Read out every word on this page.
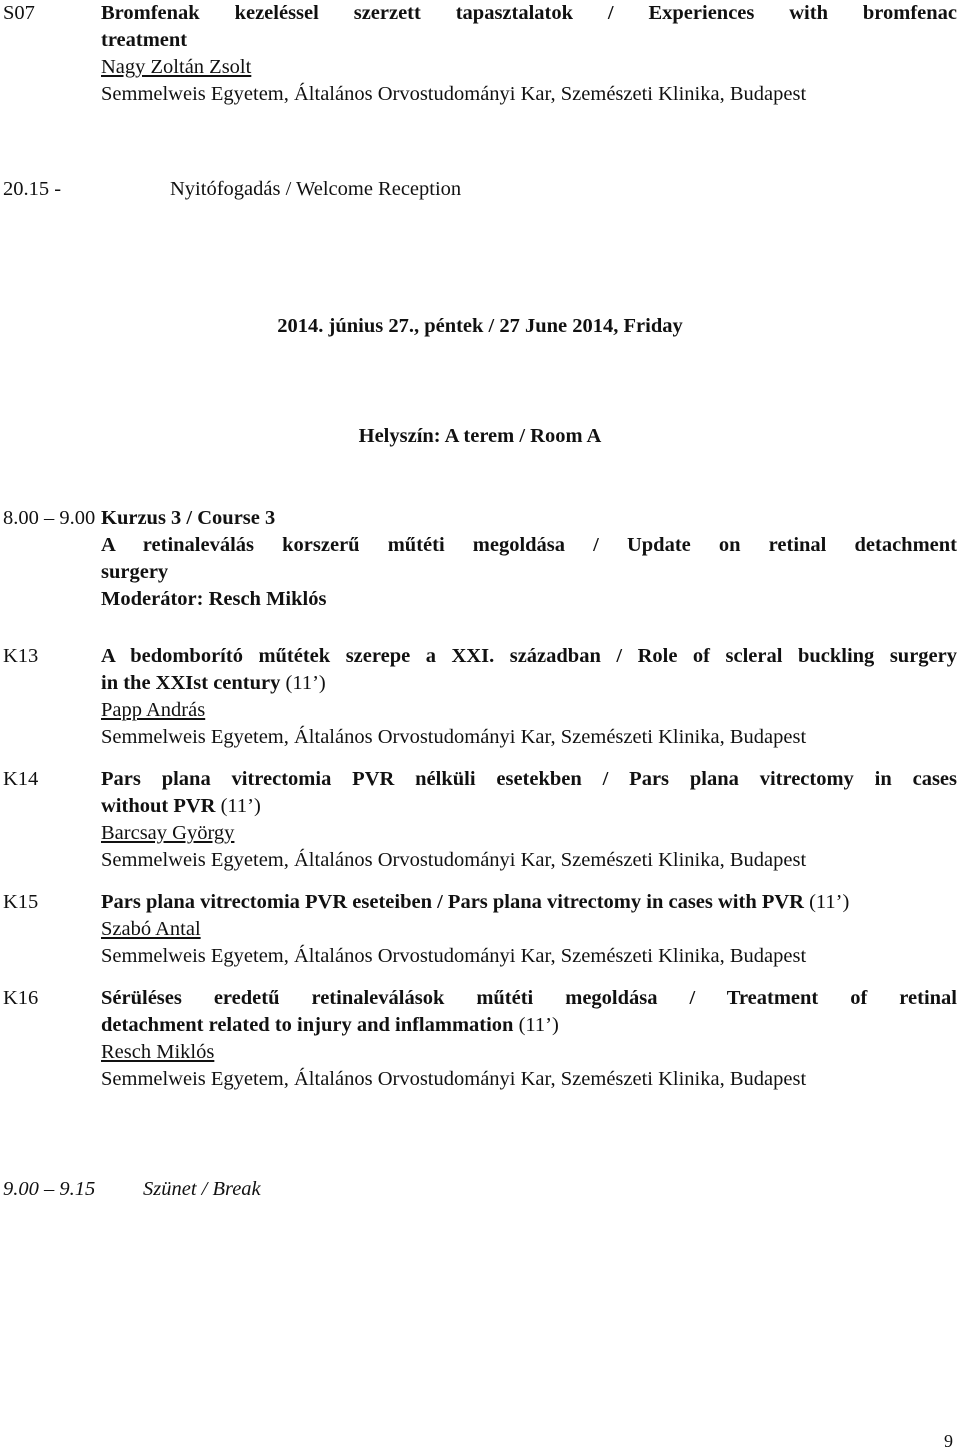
S07	Bromfenak kezeléssel szerzett tapasztalatok / Experiences with bromfenac
treatment
Nagy Zoltán Zsolt
Semmelweis Egyetem, Általános Orvostudományi Kar, Szemészeti Klinika, Budapest
20.15 -	Nyitófogadás / Welcome Reception
2014. június 27., péntek / 27 June 2014, Friday
Helyszín: A terem / Room A
8.00 – 9.00 Kurzus 3 / Course 3
A retinaleválás korszerű műtéti megoldása / Update on retinal detachment
surgery
Moderátor: Resch Miklós
K13	A bedomborító műtétek szerepe a XXI. században / Role of scleral buckling surgery
in the XXIst century (11’)
Papp András
Semmelweis Egyetem, Általános Orvostudományi Kar, Szemészeti Klinika, Budapest
K14	Pars plana vitrectomia PVR nélküli esetekben / Pars plana vitrectomy in cases
without PVR (11’)
Barcsay György
Semmelweis Egyetem, Általános Orvostudományi Kar, Szemészeti Klinika, Budapest
K15	Pars plana vitrectomia PVR eseteiben / Pars plana vitrectomy in cases with PVR (11’)
Szabó Antal
Semmelweis Egyetem, Általános Orvostudományi Kar, Szemészeti Klinika, Budapest
K16	Sérüléses eredetű retinaleválások műtéti megoldása / Treatment of retinal
detachment related to injury and inflammation (11’)
Resch Miklós
Semmelweis Egyetem, Általános Orvostudományi Kar, Szemészeti Klinika, Budapest
9.00 – 9.15 Szünet / Break
9
